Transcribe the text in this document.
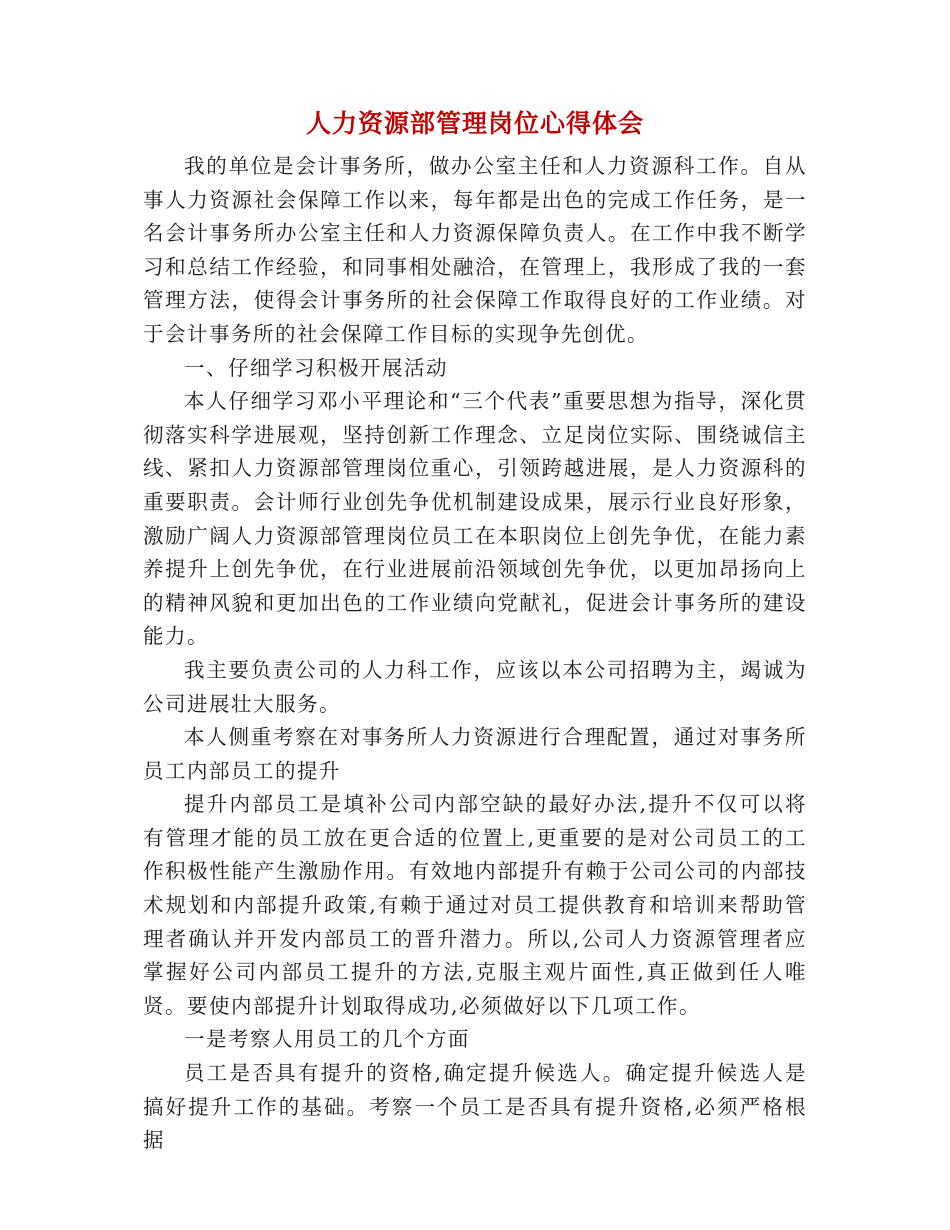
人力资源部管理岗位心得体会

我的单位是会计事务所，做办公室主任和人力资源科工作。自从事人力资源社会保障工作以来，每年都是出色的完成工作任务，是一名会计事务所办公室主任和人力资源保障负责人。在工作中我不断学习和总结工作经验，和同事相处融洽，在管理上，我形成了我的一套管理方法，使得会计事务所的社会保障工作取得良好的工作业绩。对于会计事务所的社会保障工作目标的实现争先创优。

一、仔细学习积极开展活动

本人仔细学习邓小平理论和“三个代表”重要思想为指导，深化贯彻落实科学进展观，坚持创新工作理念、立足岗位实际、围绕诚信主线、紧扣人力资源部管理岗位重心，引领跨越进展，是人力资源科的重要职责。会计师行业创先争优机制建设成果，展示行业良好形象，激励广阔人力资源部管理岗位员工在本职岗位上创先争优，在能力素养提升上创先争优，在行业进展前沿领域创先争优，以更加昂扬向上的精神风貌和更加出色的工作业绩向党献礼，促进会计事务所的建设能力。

我主要负责公司的人力科工作，应该以本公司招聘为主，竭诚为公司进展壮大服务。

本人侧重考察在对事务所人力资源进行合理配置，通过对事务所员工内部员工的提升

提升内部员工是填补公司内部空缺的最好办法,提升不仅可以将有管理才能的员工放在更合适的位置上,更重要的是对公司员工的工作积极性能产生激励作用。有效地内部提升有赖于公司公司的内部技术规划和内部提升政策,有赖于通过对员工提供教育和培训来帮助管理者确认并开发内部员工的晋升潜力。所以,公司人力资源管理者应掌握好公司内部员工提升的方法,克服主观片面性,真正做到任人唯贤。要使内部提升计划取得成功,必须做好以下几项工作。

一是考察人用员工的几个方面

员工是否具有提升的资格,确定提升候选人。确定提升候选人是搞好提升工作的基础。考察一个员工是否具有提升资格,必须严格根据
